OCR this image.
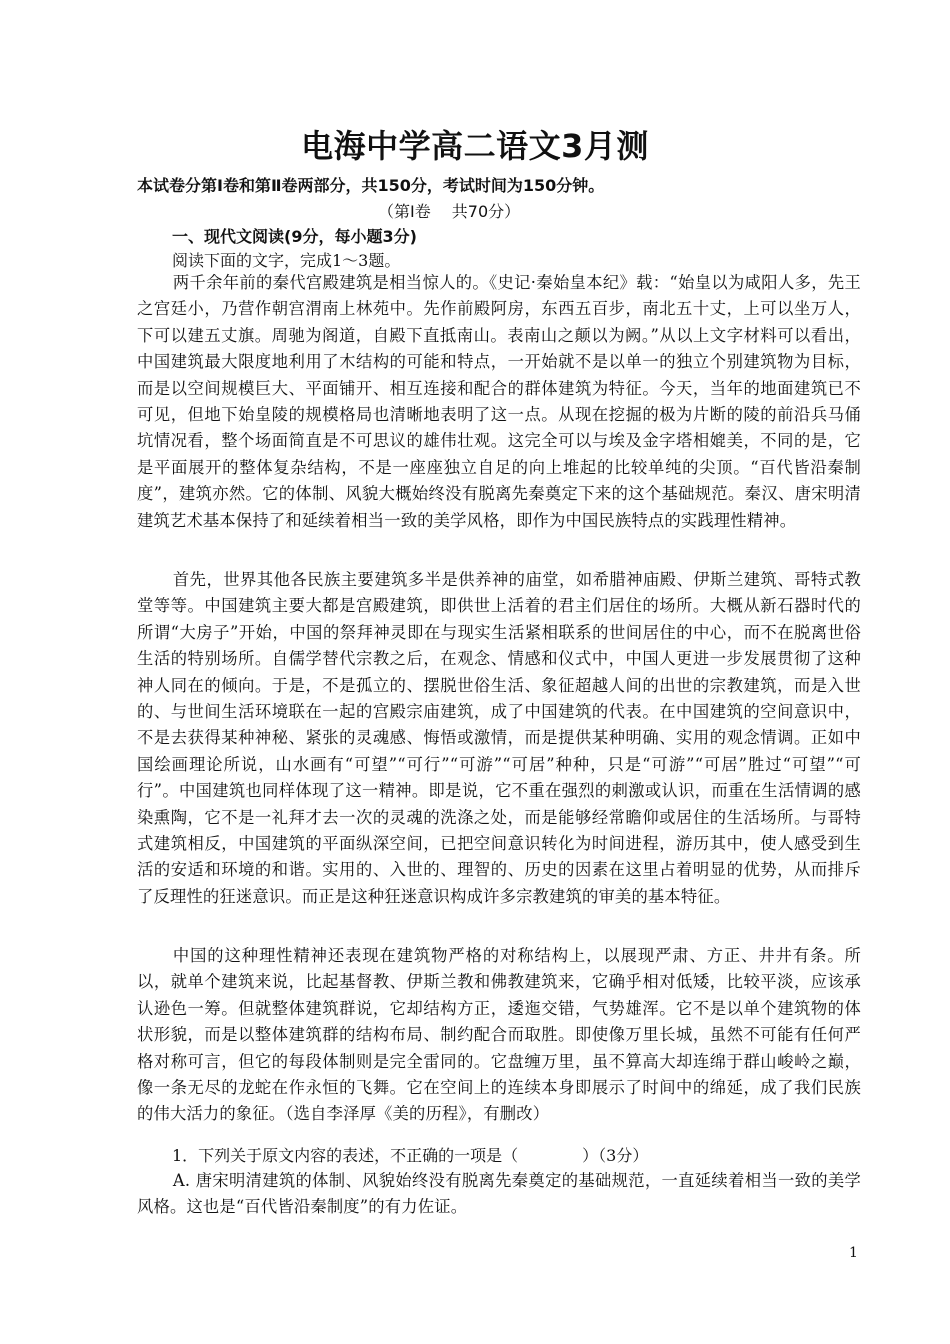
电海中学高二语文3月测
本试卷分第Ⅰ卷和第Ⅱ卷两部分，共150分，考试时间为150分钟。
（第Ⅰ卷　 共70分）
一、现代文阅读(9分，每小题3分)
阅读下面的文字，完成1～3题。

两千余年前的秦代宫殿建筑是相当惊人的。《史记·秦始皇本纪》载：“始皇以为咸阳人多，先王之宫廷小，乃营作朝宫渭南上林苑中。先作前殿阿房，东西五百步，南北五十丈，上可以坐万人，下可以建五丈旗。周驰为阁道，自殿下直抵南山。表南山之颠以为阙。”从以上文字材料可以看出，中国建筑最大限度地利用了木结构的可能和特点，一开始就不是以单一的独立个别建筑物为目标，而是以空间规模巨大、平面铺开、相互连接和配合的群体建筑为特征。今天，当年的地面建筑已不可见，但地下始皇陵的规模格局也清晰地表明了这一点。从现在挖掘的极为片断的陵的前沿兵马俑坑情况看，整个场面简直是不可思议的雄伟壮观。这完全可以与埃及金字塔相媲美，不同的是，它是平面展开的整体复杂结构，不是一座座独立自足的向上堆起的比较单纯的尖顶。“百代皆沿秦制度”，建筑亦然。它的体制、风貌大概始终没有脱离先秦奠定下来的这个基础规范。秦汉、唐宋明清建筑艺术基本保持了和延续着相当一致的美学风格，即作为中国民族特点的实践理性精神。

首先，世界其他各民族主要建筑多半是供养神的庙堂，如希腊神庙殿、伊斯兰建筑、哥特式教堂等等。中国建筑主要大都是宫殿建筑，即供世上活着的君主们居住的场所。大概从新石器时代的所谓“大房子”开始，中国的祭拜神灵即在与现实生活紧相联系的世间居住的中心，而不在脱离世俗生活的特别场所。自儒学替代宗教之后，在观念、情感和仪式中，中国人更进一步发展贯彻了这种神人同在的倾向。于是，不是孤立的、摆脱世俗生活、象征超越人间的出世的宗教建筑，而是入世的、与世间生活环境联在一起的宫殿宗庙建筑，成了中国建筑的代表。在中国建筑的空间意识中，不是去获得某种神秘、紧张的灵魂感、悔悟或激情，而是提供某种明确、实用的观念情调。正如中国绘画理论所说，山水画有“可望”“可行”“可游”“可居”种种，只是“可游”“可居”胜过“可望”“可行”。中国建筑也同样体现了这一精神。即是说，它不重在强烈的刺激或认识，而重在生活情调的感染熏陶，它不是一礼拜才去一次的灵魂的洗涤之处，而是能够经常瞻仰或居住的生活场所。与哥特式建筑相反，中国建筑的平面纵深空间，已把空间意识转化为时间进程，游历其中，使人感受到生活的安适和环境的和谐。实用的、入世的、理智的、历史的因素在这里占着明显的优势，从而排斥了反理性的狂迷意识。而正是这种狂迷意识构成许多宗教建筑的审美的基本特征。

中国的这种理性精神还表现在建筑物严格的对称结构上，以展现严肃、方正、井井有条。所以，就单个建筑来说，比起基督教、伊斯兰教和佛教建筑来，它确乎相对低矮，比较平淡，应该承认逊色一筹。但就整体建筑群说，它却结构方正，逶迤交错，气势雄浑。它不是以单个建筑物的体状形貌，而是以整体建筑群的结构布局、制约配合而取胜。即使像万里长城，虽然不可能有任何严格对称可言，但它的每段体制则是完全雷同的。它盘缠万里，虽不算高大却连绵于群山峻岭之巅，像一条无尽的龙蛇在作永恒的飞舞。它在空间上的连续本身即展示了时间中的绵延，成了我们民族的伟大活力的象征。（选自李泽厚《美的历程》，有删改）

1．下列关于原文内容的表述，不正确的一项是（　　　　）（3分）

A. 唐宋明清建筑的体制、风貌始终没有脱离先秦奠定的基础规范，一直延续着相当一致的美学风格。这也是“百代皆沿秦制度”的有力佐证。

1
